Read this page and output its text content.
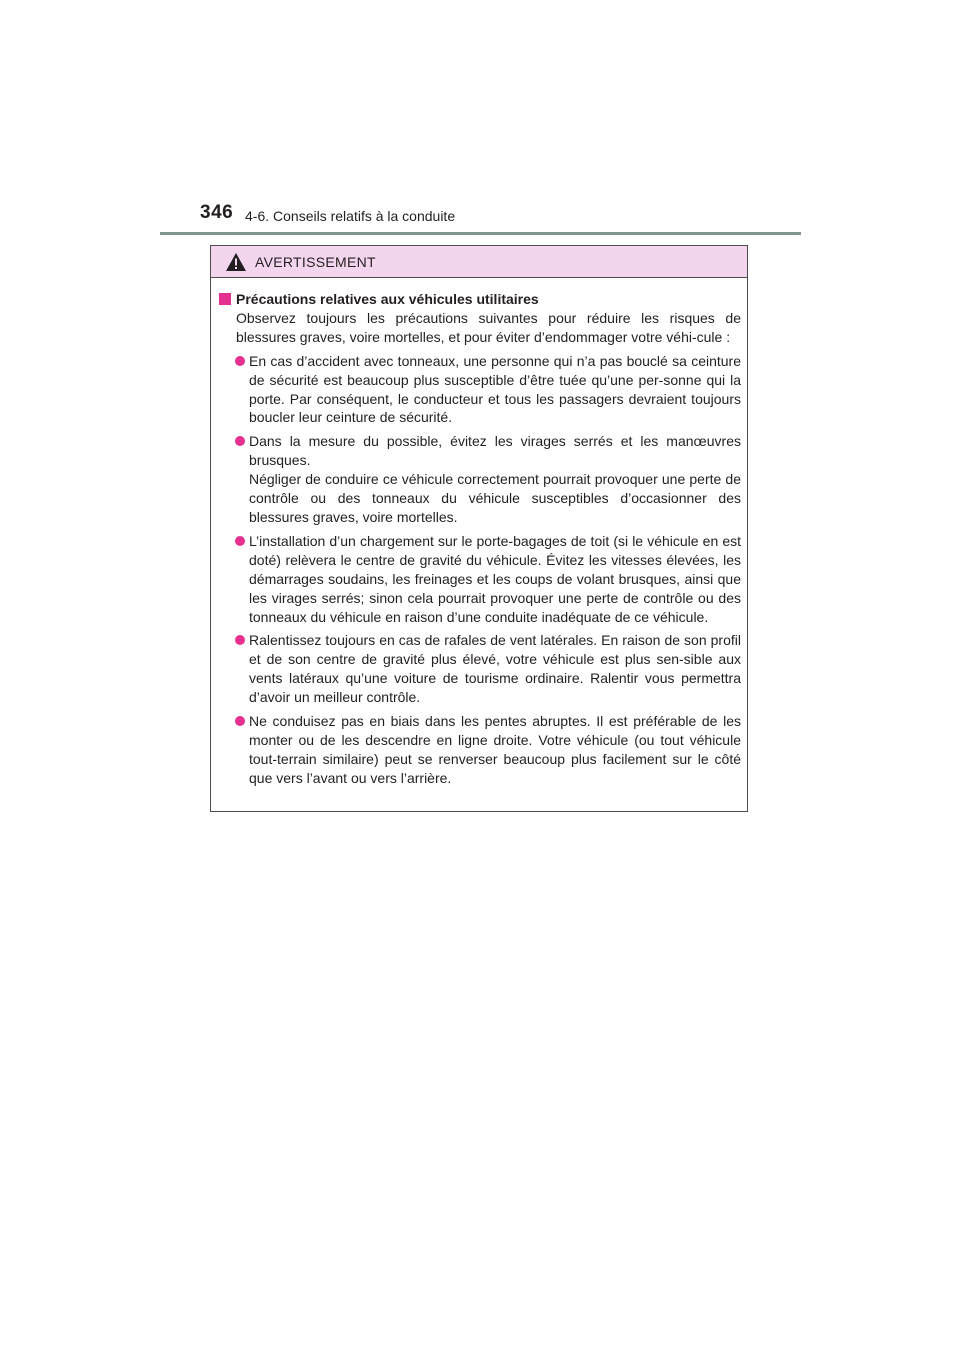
346 4-6. Conseils relatifs à la conduite
AVERTISSEMENT
Précautions relatives aux véhicules utilitaires
Observez toujours les précautions suivantes pour réduire les risques de blessures graves, voire mortelles, et pour éviter d’endommager votre véhi-cule :
En cas d’accident avec tonneaux, une personne qui n’a pas bouclé sa ceinture de sécurité est beaucoup plus susceptible d’être tuée qu’une per-sonne qui la porte. Par conséquent, le conducteur et tous les passagers devraient toujours boucler leur ceinture de sécurité.
Dans la mesure du possible, évitez les virages serrés et les manœuvres brusques.
Négliger de conduire ce véhicule correctement pourrait provoquer une perte de contrôle ou des tonneaux du véhicule susceptibles d’occasionner des blessures graves, voire mortelles.
L’installation d’un chargement sur le porte-bagages de toit (si le véhicule en est doté) relèvera le centre de gravité du véhicule. Évitez les vitesses élevées, les démarrages soudains, les freinages et les coups de volant brusques, ainsi que les virages serrés; sinon cela pourrait provoquer une perte de contrôle ou des tonneaux du véhicule en raison d’une conduite inadéquate de ce véhicule.
Ralentissez toujours en cas de rafales de vent latérales. En raison de son profil et de son centre de gravité plus élevé, votre véhicule est plus sen-sible aux vents latéraux qu’une voiture de tourisme ordinaire. Ralentir vous permettra d’avoir un meilleur contrôle.
Ne conduisez pas en biais dans les pentes abruptes. Il est préférable de les monter ou de les descendre en ligne droite. Votre véhicule (ou tout véhicule tout-terrain similaire) peut se renverser beaucoup plus facilement sur le côté que vers l’avant ou vers l’arrière.
